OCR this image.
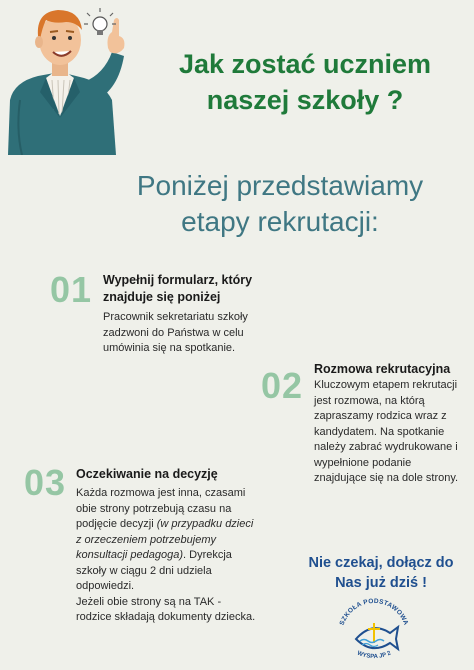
Jak zostać uczniem
naszej szkoły ?
Poniżej przedstawiamy
etapy rekrutacji:
01 Wypełnij formularz, który
znajduje się poniżej
Pracownik sekretariatu szkoły
zadzwoni do Państwa w celu
umówinia się na spotkanie.
02 Rozmowa rekrutacyjna
Kluczowym etapem rekrutacji
jest rozmowa, na którą
zapraszamy rodzica wraz z
kandydatem. Na spotkanie
należy zabrać wydrukowane i
wypełnione podanie
znajdujące się na dole strony.
03 Oczekiwanie na decyzję
Każda rozmowa jest inna, czasami
obie strony potrzebują czasu na
podjęcie decyzji (w przypadku dzieci
z orzeczeniem potrzebujemy
konsultacji pedagoga). Dyrekcja
szkoły w ciągu 2 dni udziela
odpowiedzi.
Jeżeli obie strony są na TAK -
rodzice składają dokumenty dziecka.
Nie czekaj, dołącz do
Nas już dziś !
SZKOŁA PODSTAWOWA
WYSPA JP 2
